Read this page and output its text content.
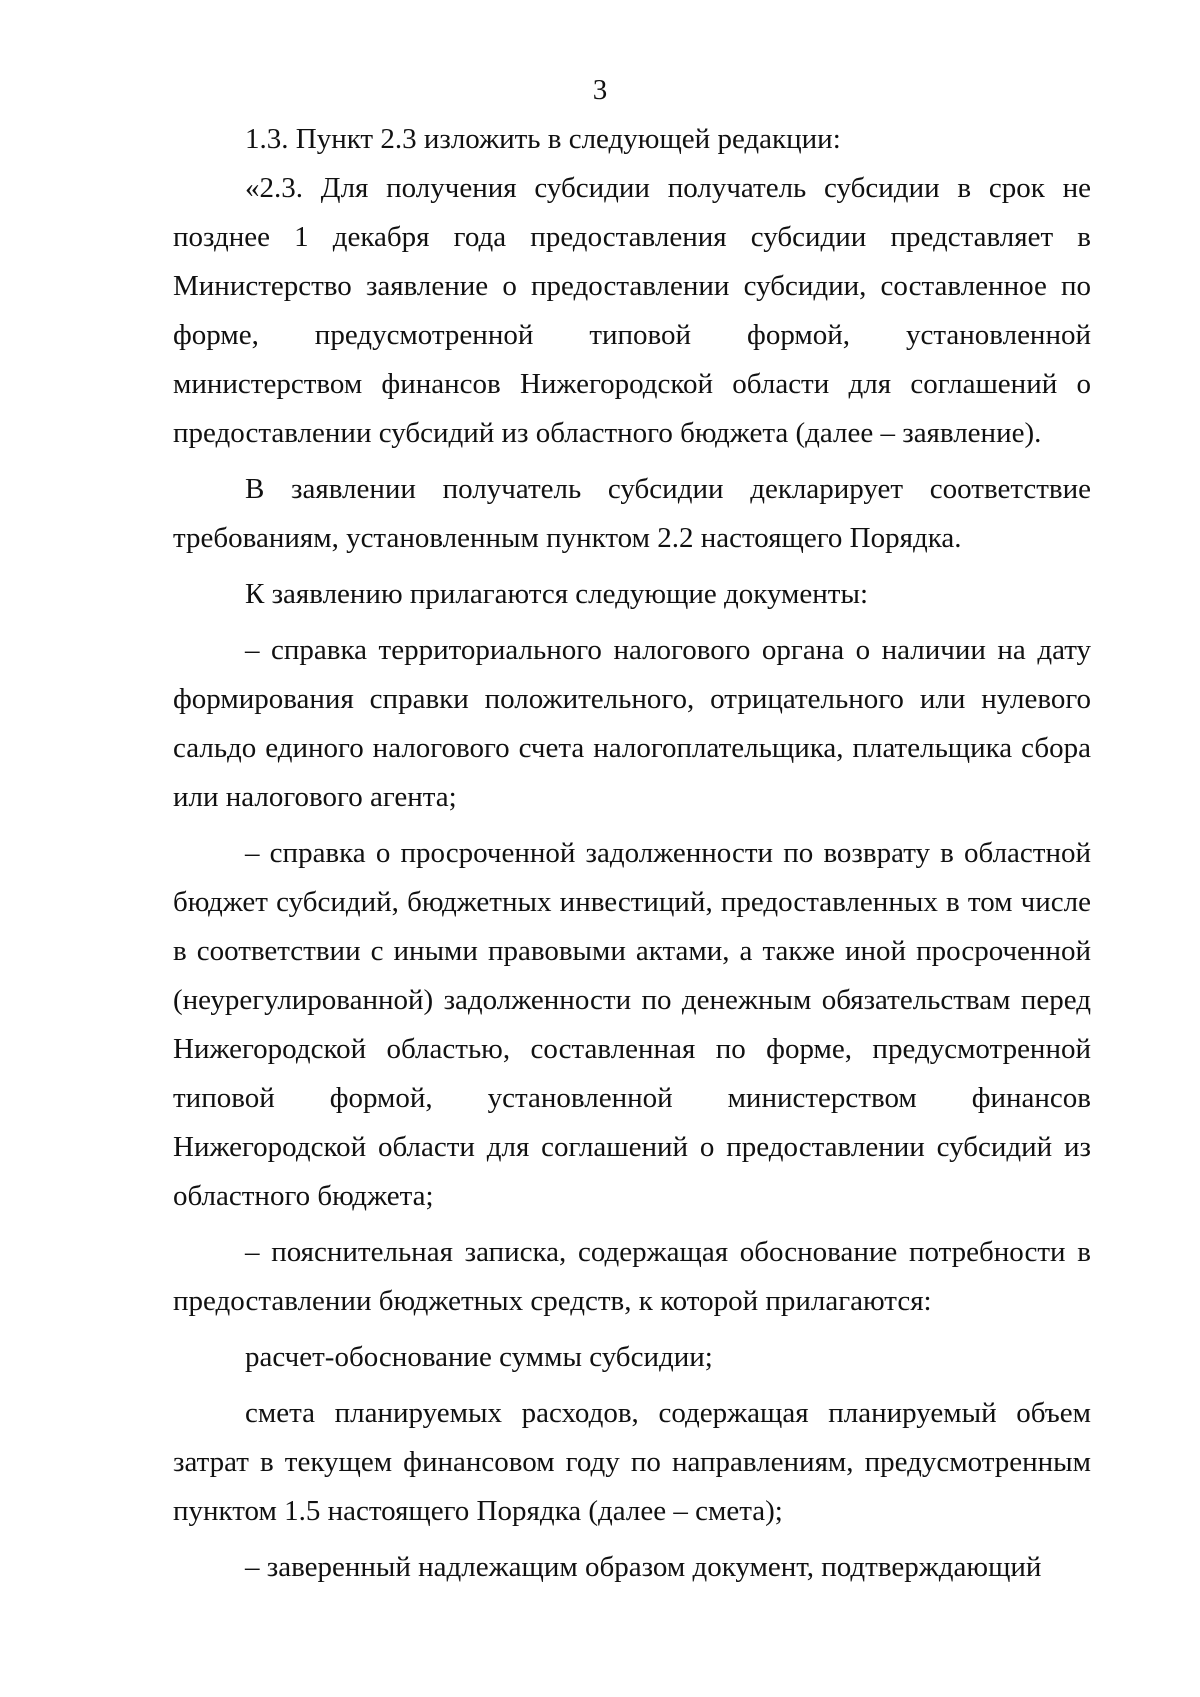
3

1.3. Пункт 2.3 изложить в следующей редакции:

«2.3. Для получения субсидии получатель субсидии в срок не позднее 1 декабря года предоставления субсидии представляет в Министерство заявление о предоставлении субсидии, составленное по форме, предусмотренной типовой формой, установленной министерством финансов Нижегородской области для соглашений о предоставлении субсидий из областного бюджета (далее – заявление).

В заявлении получатель субсидии декларирует соответствие требованиям, установленным пунктом 2.2 настоящего Порядка.

К заявлению прилагаются следующие документы:

– справка территориального налогового органа о наличии на дату формирования справки положительного, отрицательного или нулевого сальдо единого налогового счета налогоплательщика, плательщика сбора или налогового агента;

– справка о просроченной задолженности по возврату в областной бюджет субсидий, бюджетных инвестиций, предоставленных в том числе в соответствии с иными правовыми актами, а также иной просроченной (неурегулированной) задолженности по денежным обязательствам перед Нижегородской областью, составленная по форме, предусмотренной типовой формой, установленной министерством финансов Нижегородской области для соглашений о предоставлении субсидий из областного бюджета;

– пояснительная записка, содержащая обоснование потребности в предоставлении бюджетных средств, к которой прилагаются:

расчет-обоснование суммы субсидии;

смета планируемых расходов, содержащая планируемый объем затрат в текущем финансовом году по направлениям, предусмотренным пунктом 1.5 настоящего Порядка (далее – смета);

– заверенный надлежащим образом документ, подтверждающий
